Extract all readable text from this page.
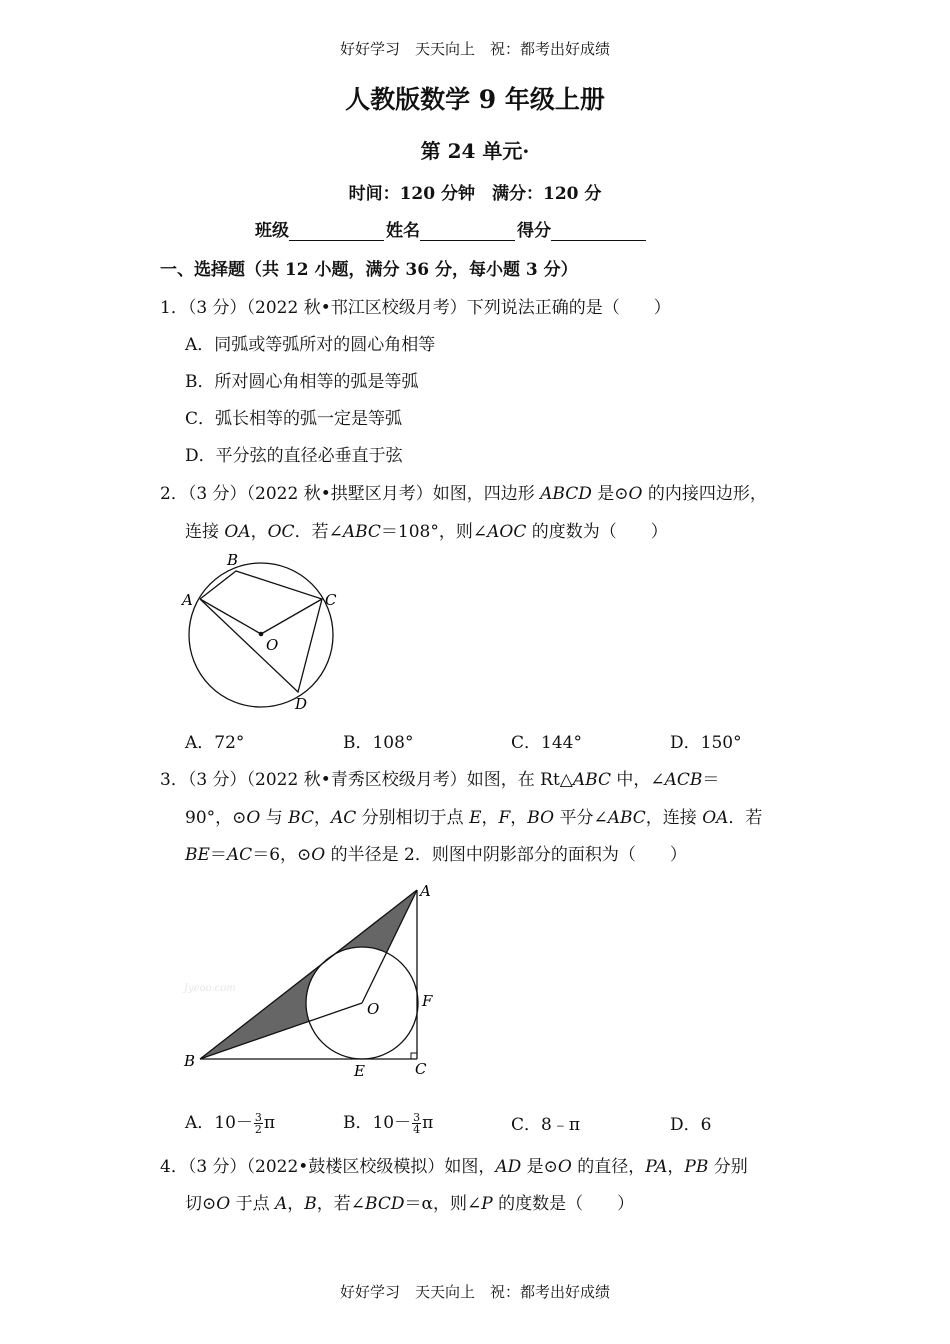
好好学习　天天向上　祝：都考出好成绩
人教版数学 9 年级上册
第 24 单元·
时间：120 分钟　满分：120 分
班级	姓名	得分
一、选择题（共 12 小题，满分 36 分，每小题 3 分）
1．（3 分）（2022 秋•邗江区校级月考）下列说法正确的是（　　）
A．同弧或等弧所对的圆心角相等
B．所对圆心角相等的弧是等弧
C．弧长相等的弧一定是等弧
D．平分弦的直径必垂直于弦
2．（3 分）（2022 秋•拱墅区月考）如图，四边形 ABCD 是⊙O 的内接四边形，
连接 OA，OC．若∠ABC＝108°，则∠AOC 的度数为（　　）
B
A	C
O
D
A．72°	B．108°	C．144°	D．150°
3．（3 分）（2022 秋•青秀区校级月考）如图，在 Rt△ABC 中，∠ACB＝
90°，⊙O 与 BC，AC 分别相切于点 E，F，BO 平分∠ABC，连接 OA．若
BE＝AC＝6，⊙O 的半径是 2．则图中阴影部分的面积为（　　）
Jyeoo.com
A
B	C
E
F
O
A．$10- \frac{3}{2}$ π	B．$10- \frac{3}{4}$ π	C．8﹣π	D．6
4．（3 分）（2022•鼓楼区校级模拟）如图，AD 是⊙O 的直径，PA，PB 分别
切⊙O 于点 A，B，若∠BCD＝α，则∠P 的度数是（　　）
好好学习　天天向上　祝：都考出好成绩
